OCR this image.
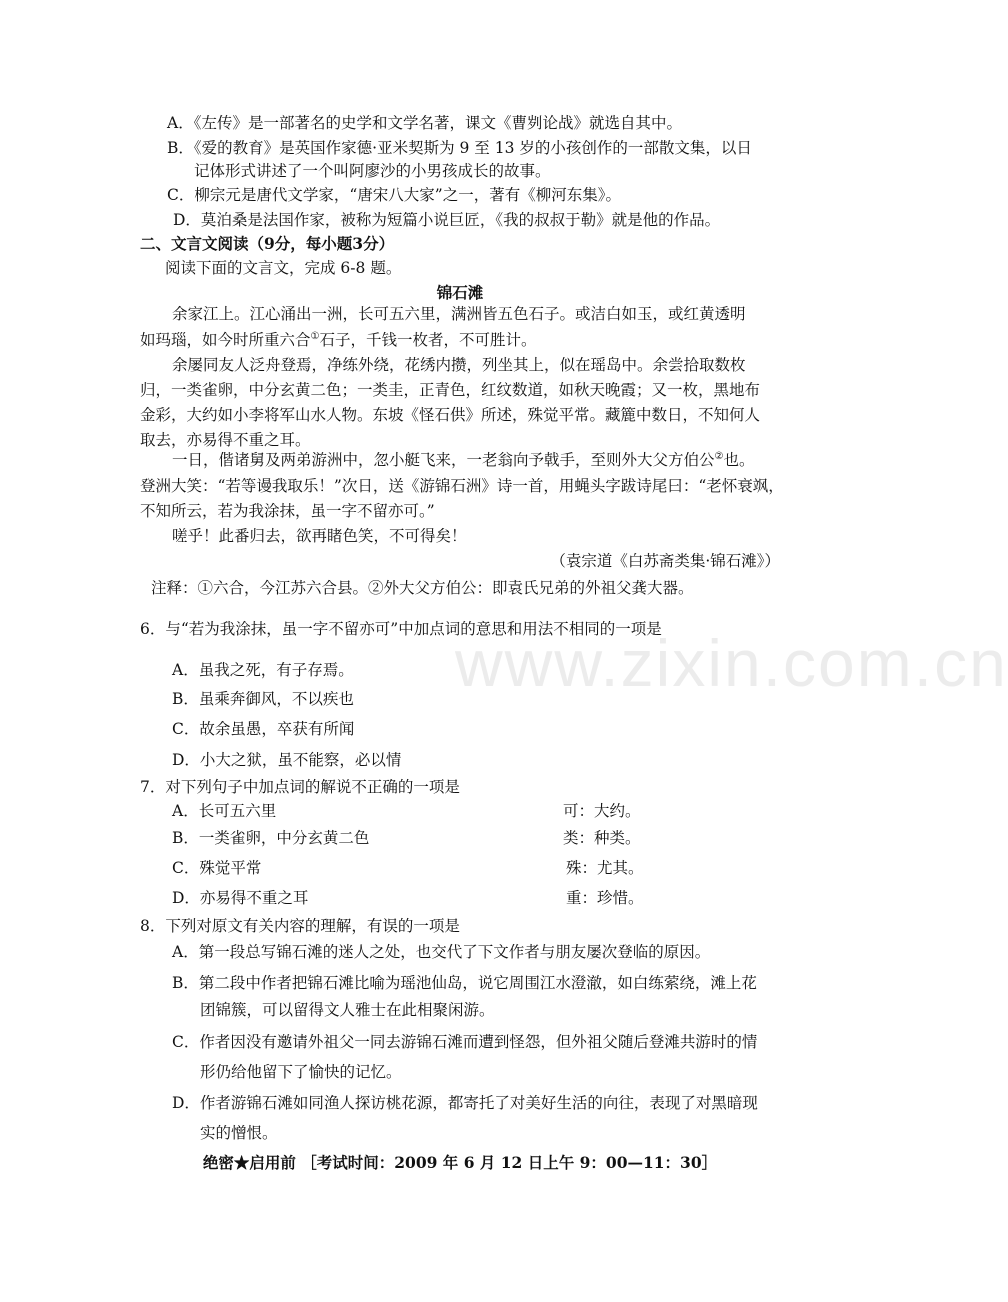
www.zixin.com.cn
A．《左传》是一部著名的史学和文学名著，课文《曹刿论战》就选自其中。
B．《爱的教育》是英国作家德·亚米契斯为 9 至 13 岁的小孩创作的一部散文集，以日
记体形式讲述了一个叫阿廖沙的小男孩成长的故事。
C．柳宗元是唐代文学家，“唐宋八大家”之一，著有《柳河东集》。
D．莫泊桑是法国作家，被称为短篇小说巨匠，《我的叔叔于勒》就是他的作品。
二、文言文阅读（9分，每小题3分）
阅读下面的文言文，完成 6-8 题。
锦石滩
余家江上。江心涌出一洲，长可五六里，满洲皆五色石子。或洁白如玉，或红黄透明
如玛瑙，如今时所重六合①石子，千钱一枚者，不可胜计。
余屡同友人泛舟登焉，净练外绕，花绣内攒，列坐其上，似在瑶岛中。余尝拾取数枚
归，一类雀卵，中分玄黄二色；一类圭，正青色，红纹数道，如秋天晚霞；又一枚，黑地布
金彩，大约如小李将军山水人物。东坡《怪石供》所述，殊觉平常。藏簏中数日，不知何人
取去，亦易得不重之耳。
一日，偕诸舅及两弟游洲中，忽小艇飞来，一老翁向予戟手，至则外大父方伯公②也。
登洲大笑：“若等谩我取乐！”次日，送《游锦石洲》诗一首，用蝇头字跋诗尾曰：“老怀衰飒，
不知所云，若为我涂抹，虽一字不留亦可。”
嗟乎！此番归去，欲再睹色笑，不可得矣！
（袁宗道《白苏斋类集·锦石滩》）
注释：①六合，今江苏六合县。②外大父方伯公：即袁氏兄弟的外祖父龚大器。
6．与“若为我涂抹，虽一字不留亦可”中加点词的意思和用法不相同的一项是
A．虽我之死，有子存焉。
B．虽乘奔御风，不以疾也
C．故余虽愚，卒获有所闻
D．小大之狱，虽不能察，必以情
7．对下列句子中加点词的解说不正确的一项是
A．长可五六里	可：大约。
B．一类雀卵，中分玄黄二色	类：种类。
C．殊觉平常	殊：尤其。
D．亦易得不重之耳	重：珍惜。
8．下列对原文有关内容的理解，有误的一项是
A．第一段总写锦石滩的迷人之处，也交代了下文作者与朋友屡次登临的原因。
B．第二段中作者把锦石滩比喻为瑶池仙岛，说它周围江水澄澈，如白练萦绕，滩上花
团锦簇，可以留得文人雅士在此相聚闲游。
C．作者因没有邀请外祖父一同去游锦石滩而遭到怪怨，但外祖父随后登滩共游时的情
形仍给他留下了愉快的记忆。
D．作者游锦石滩如同渔人探访桃花源，都寄托了对美好生活的向往，表现了对黑暗现
实的憎恨。
绝密★启用前 ［考试时间：2009 年 6 月 12 日上午 9：00—11：30］
